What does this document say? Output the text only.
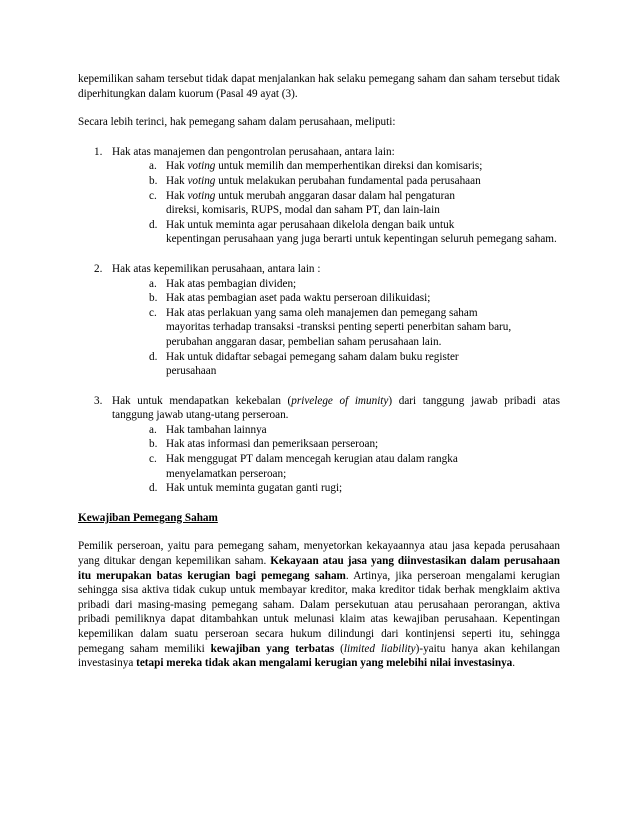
kepemilikan saham tersebut tidak dapat menjalankan hak selaku pemegang saham dan saham tersebut tidak diperhitungkan dalam kuorum (Pasal 49 ayat (3).

Secara lebih terinci, hak pemegang saham dalam perusahaan, meliputi:

1. Hak atas manajemen dan pengontrolan perusahaan, antara lain:
a. Hak voting untuk memilih dan memperhentikan direksi dan komisaris;
b. Hak voting untuk melakukan perubahan fundamental pada perusahaan
c. Hak voting untuk merubah anggaran dasar dalam hal pengaturan
direksi, komisaris, RUPS, modal dan saham PT, dan lain-lain
d. Hak untuk meminta agar perusahaan dikelola dengan baik untuk
kepentingan perusahaan yang juga berarti untuk kepentingan seluruh pemegang saham.
2. Hak atas kepemilikan perusahaan, antara lain :
a. Hak atas pembagian dividen;
b. Hak atas pembagian aset pada waktu perseroan dilikuidasi;
c. Hak atas perlakuan yang sama oleh manajemen dan pemegang saham
mayoritas terhadap transaksi -transksi penting seperti penerbitan saham baru, perubahan anggaran dasar, pembelian saham perusahaan lain.
d. Hak untuk didaftar sebagai pemegang saham dalam buku register
perusahaan
3. Hak untuk mendapatkan kekebalan (privelege of imunity) dari tanggung jawab pribadi atas tanggung jawab utang-utang perseroan.
a. Hak tambahan lainnya
b. Hak atas informasi dan pemeriksaan perseroan;
c. Hak menggugat PT dalam mencegah kerugian atau dalam rangka
menyelamatkan perseroan;
d. Hak untuk meminta gugatan ganti rugi;
Kewajiban Pemegang Saham

Pemilik perseroan, yaitu para pemegang saham, menyetorkan kekayaannya atau jasa kepada perusahaan yang ditukar dengan kepemilikan saham. Kekayaan atau jasa yang diinvestasikan dalam perusahaan itu merupakan batas kerugian bagi pemegang saham. Artinya, jika perseroan mengalami kerugian sehingga sisa aktiva tidak cukup untuk membayar kreditor, maka kreditor tidak berhak mengklaim aktiva pribadi dari masing-masing pemegang saham. Dalam persekutuan atau perusahaan perorangan, aktiva pribadi pemiliknya dapat ditambahkan untuk melunasi klaim atas kewajiban perusahaan. Kepentingan kepemilikan dalam suatu perseroan secara hukum dilindungi dari kontinjensi seperti itu, sehingga pemegang saham memiliki kewajiban yang terbatas (limited liability)-yaitu hanya akan kehilangan investasinya tetapi mereka tidak akan mengalami kerugian yang melebihi nilai investasinya.
